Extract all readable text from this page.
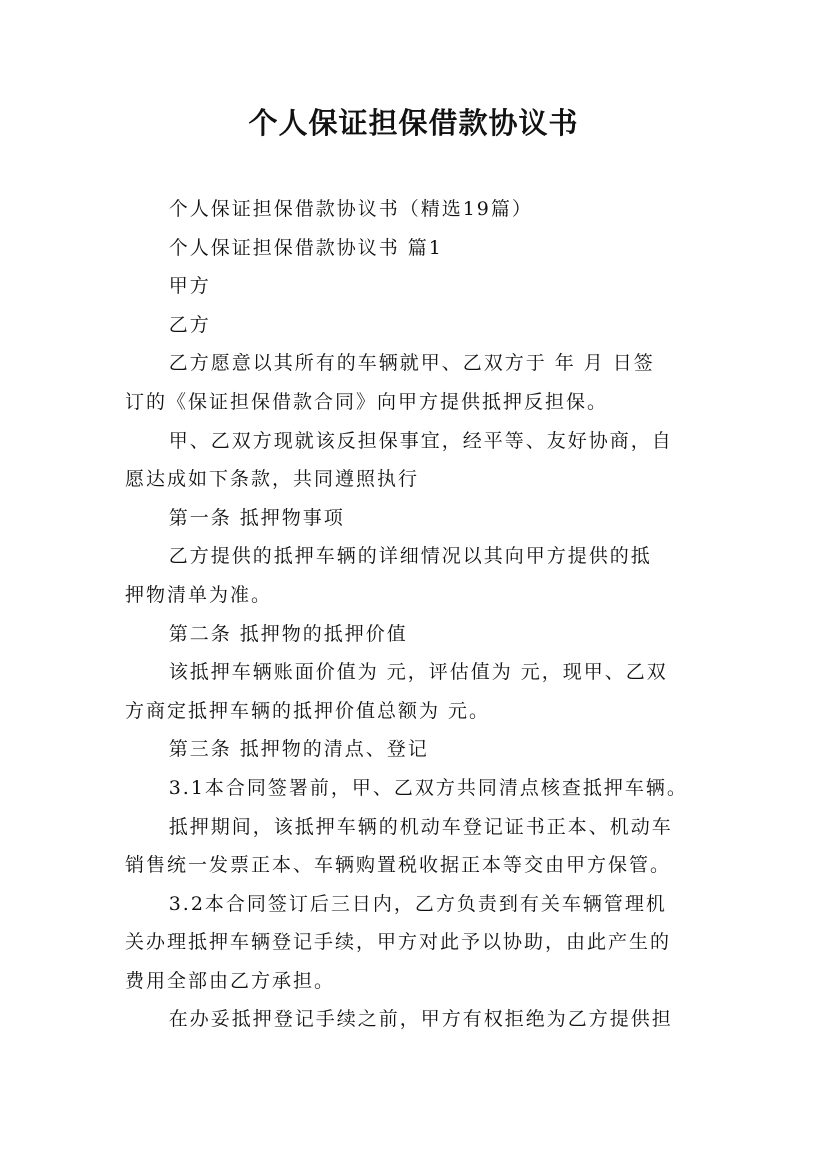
个人保证担保借款协议书
个人保证担保借款协议书（精选19篇）
个人保证担保借款协议书 篇1
甲方
乙方
乙方愿意以其所有的车辆就甲、乙双方于 年 月 日签
订的《保证担保借款合同》向甲方提供抵押反担保。
甲、乙双方现就该反担保事宜，经平等、友好协商，自
愿达成如下条款，共同遵照执行
第一条 抵押物事项
乙方提供的抵押车辆的详细情况以其向甲方提供的抵
押物清单为准。
第二条 抵押物的抵押价值
该抵押车辆账面价值为 元，评估值为 元，现甲、乙双
方商定抵押车辆的抵押价值总额为 元。
第三条 抵押物的清点、登记
3.1本合同签署前，甲、乙双方共同清点核查抵押车辆。
抵押期间，该抵押车辆的机动车登记证书正本、机动车
销售统一发票正本、车辆购置税收据正本等交由甲方保管。
3.2本合同签订后三日内，乙方负责到有关车辆管理机
关办理抵押车辆登记手续，甲方对此予以协助，由此产生的
费用全部由乙方承担。
在办妥抵押登记手续之前，甲方有权拒绝为乙方提供担
